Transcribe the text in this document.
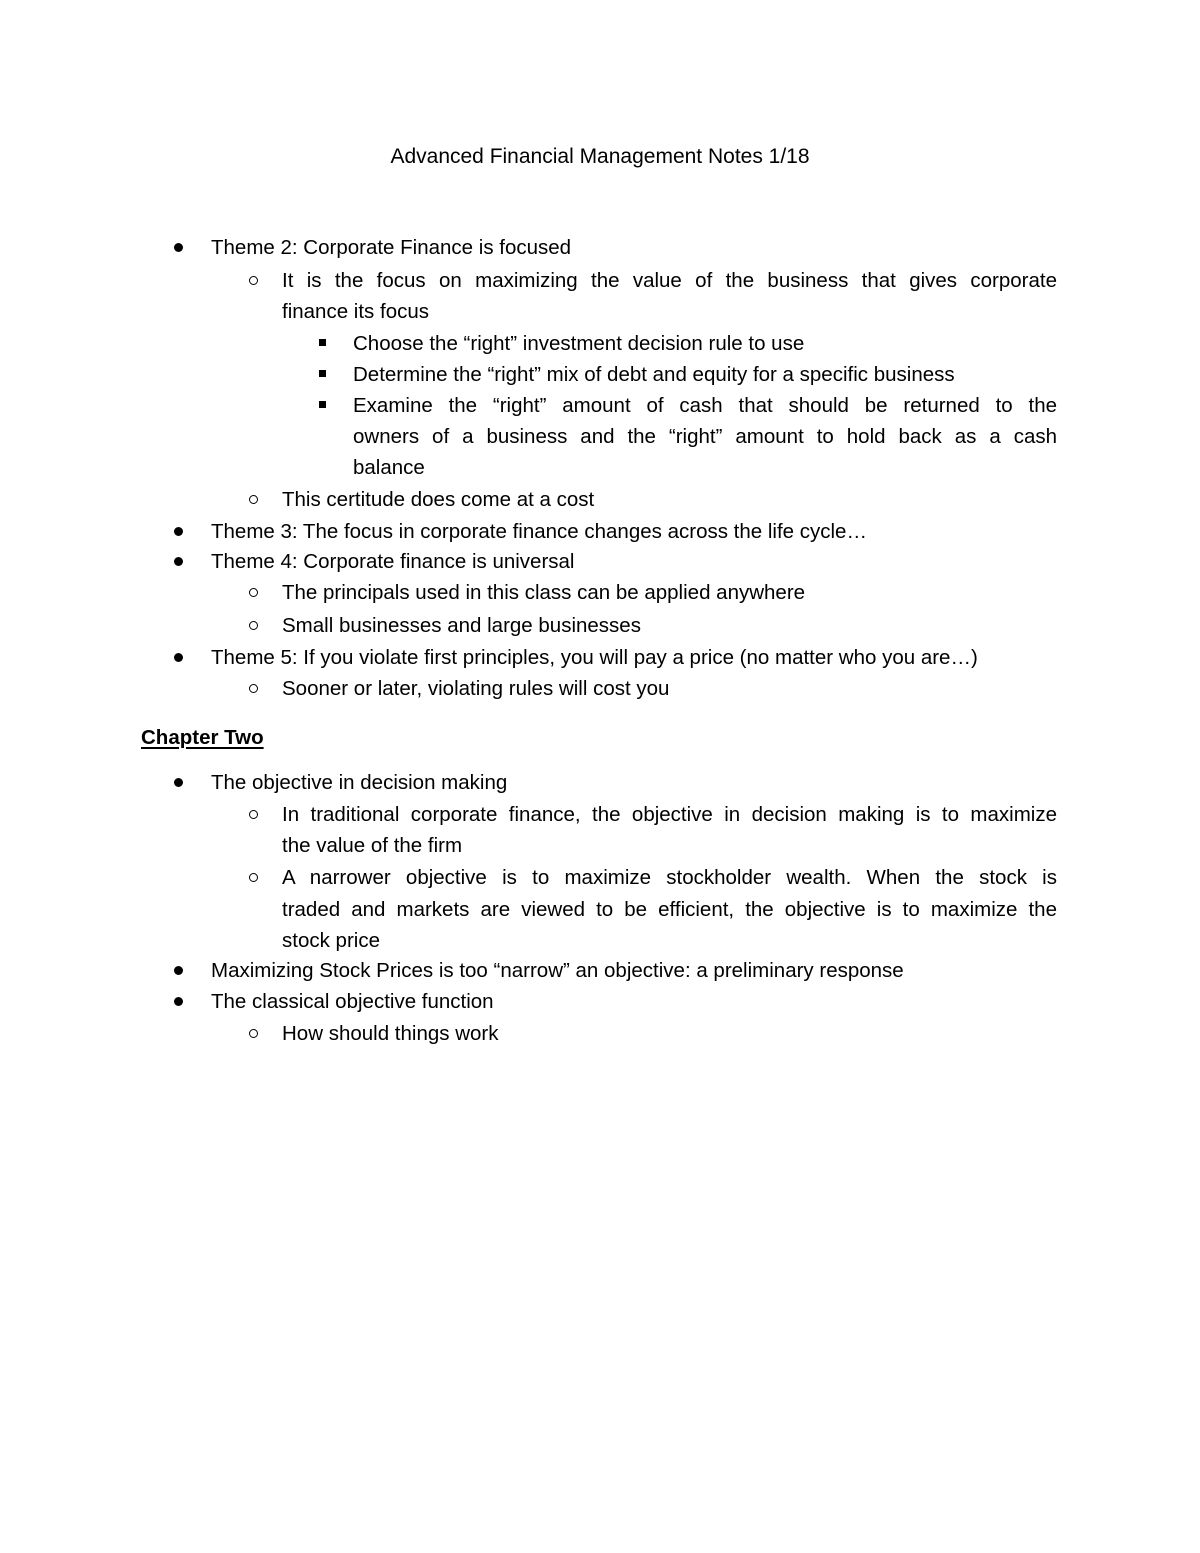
Advanced Financial Management Notes 1/18
Theme 2: Corporate Finance is focused
It is the focus on maximizing the value of the business that gives corporate
finance its focus
Choose the “right” investment decision rule to use
Determine the “right” mix of debt and equity for a specific business
Examine the “right” amount of cash that should be returned to the
owners of a business and the “right” amount to hold back as a cash
balance
This certitude does come at a cost
Theme 3: The focus in corporate finance changes across the life cycle…
Theme 4: Corporate finance is universal
The principals used in this class can be applied anywhere
Small businesses and large businesses
Theme 5: If you violate first principles, you will pay a price (no matter who you are…)
Sooner or later, violating rules will cost you
Chapter Two
The objective in decision making
In traditional corporate finance, the objective in decision making is to maximize
the value of the firm
A narrower objective is to maximize stockholder wealth. When the stock is
traded and markets are viewed to be efficient, the objective is to maximize the
stock price
Maximizing Stock Prices is too “narrow” an objective: a preliminary response
The classical objective function
How should things work
